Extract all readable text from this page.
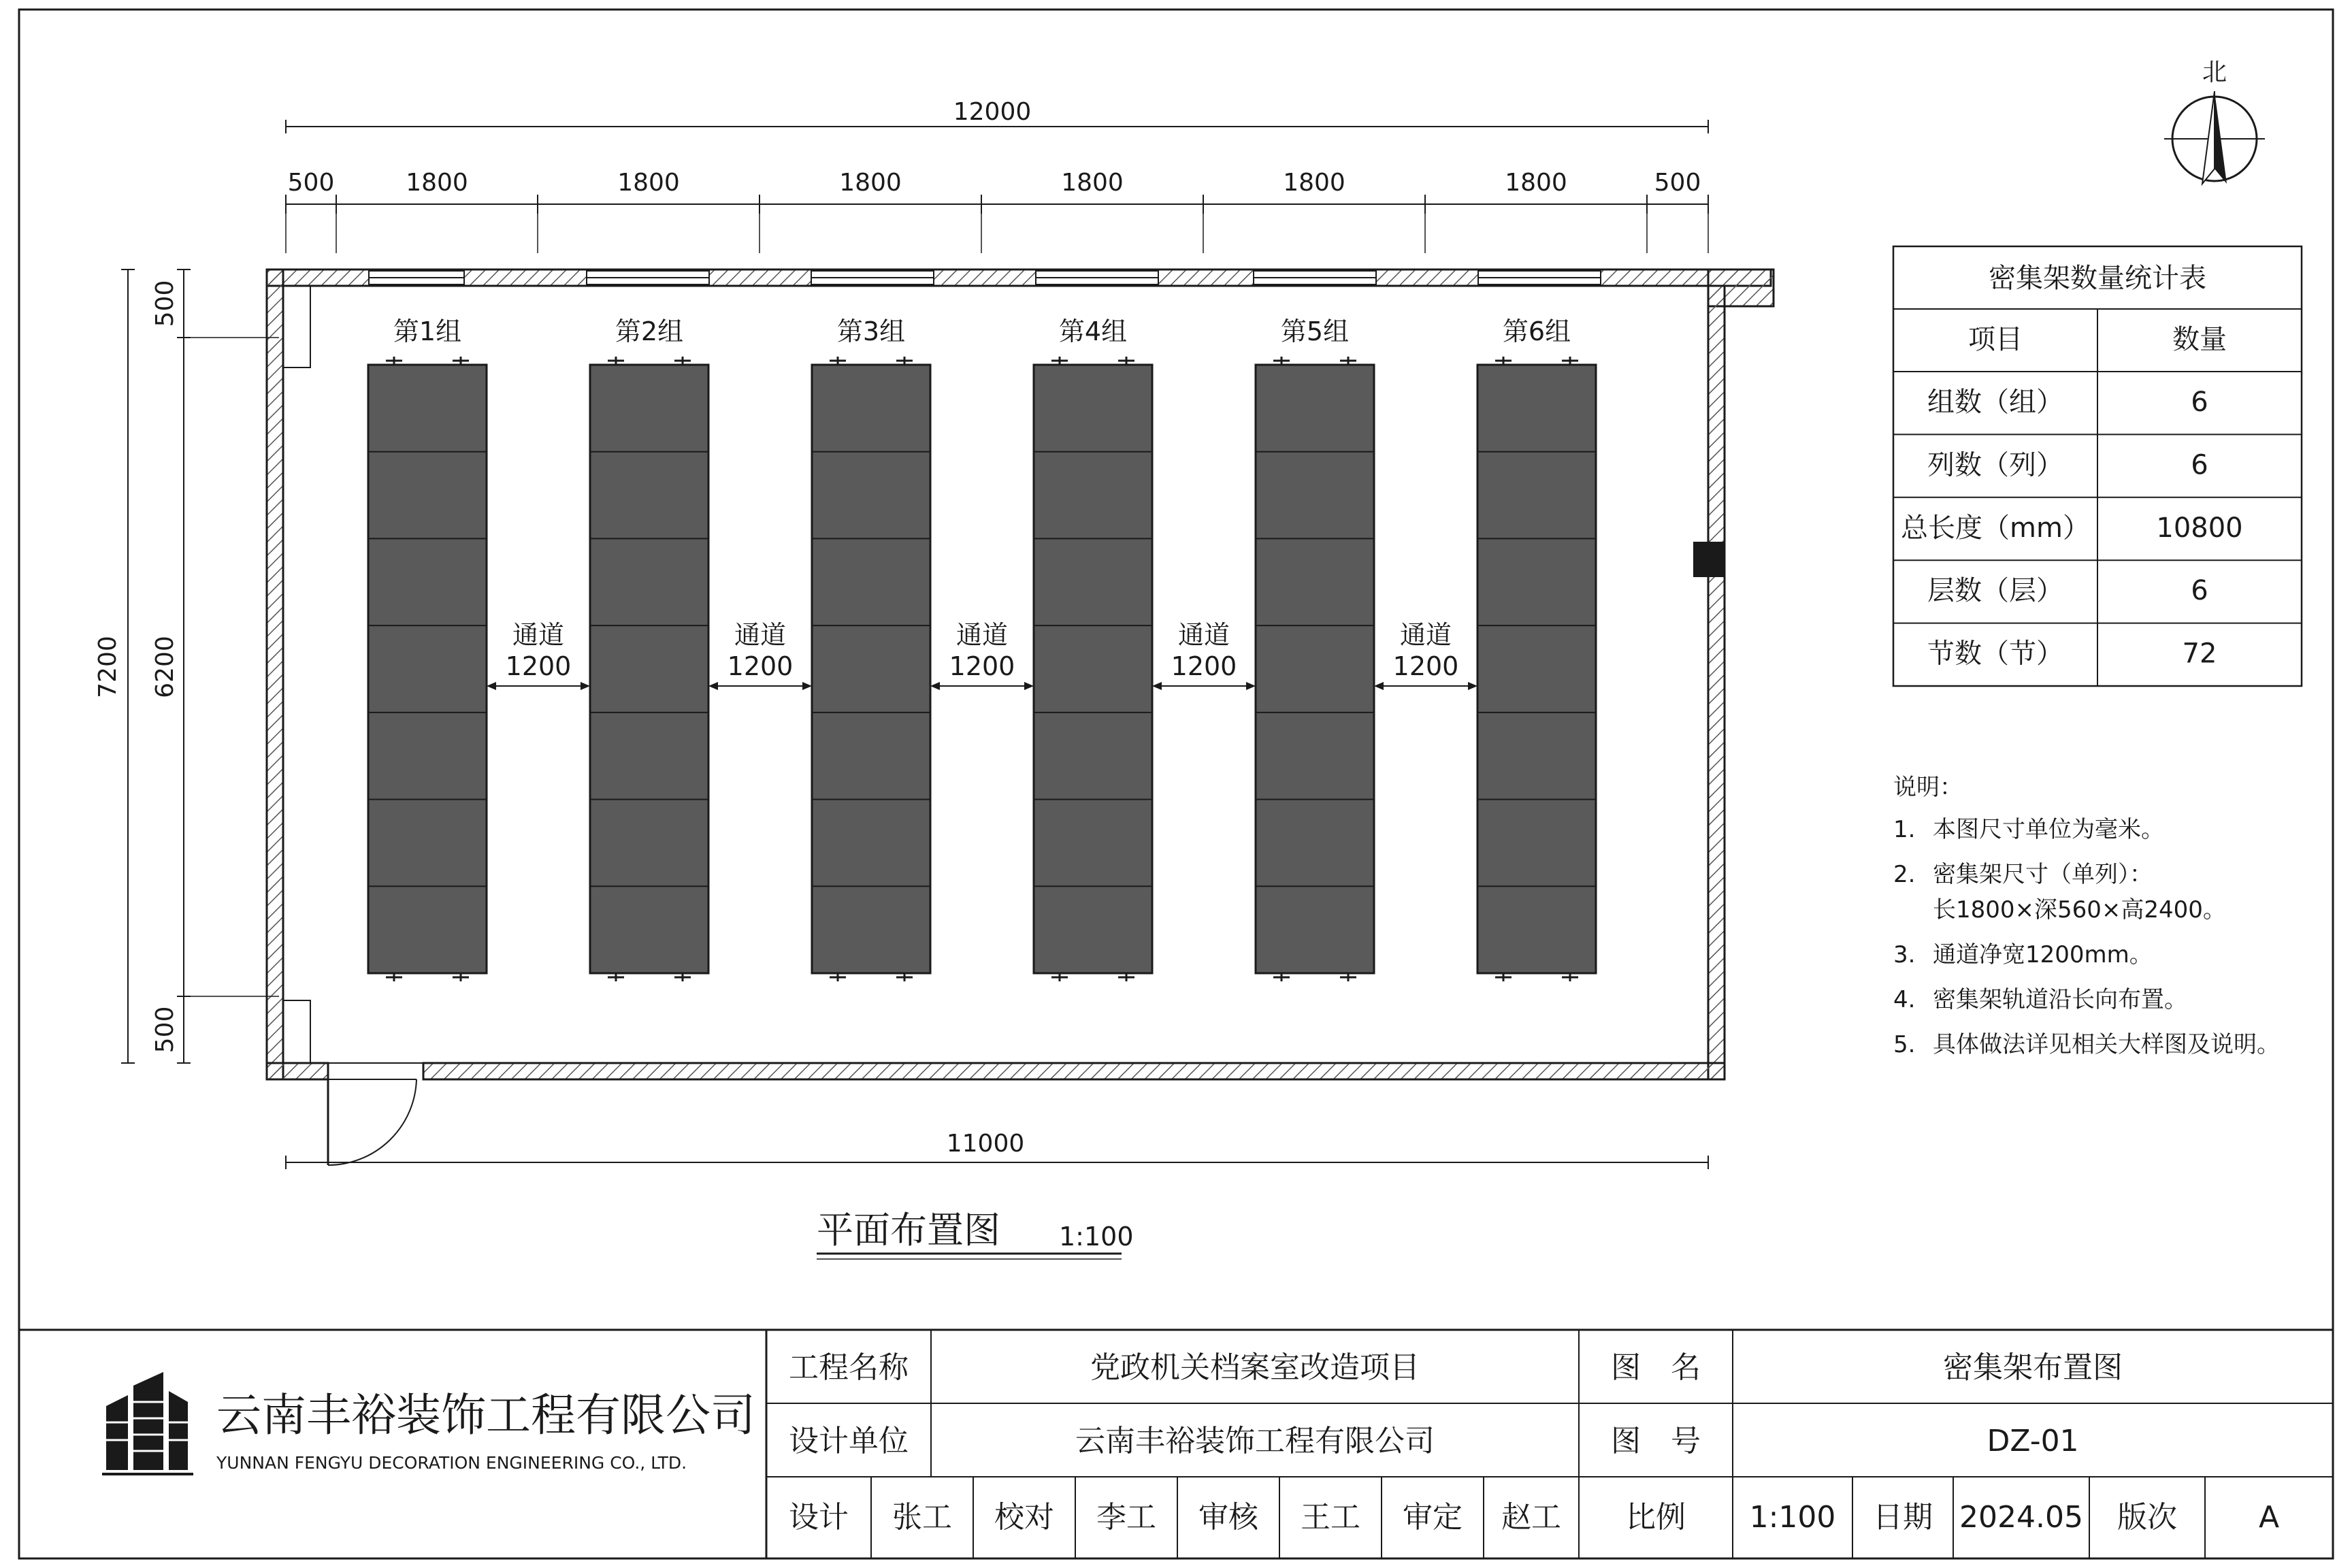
第1组	第2组	第3组	第4组	第5组	第6组
通道
1200
通道
1200
通道
1200
通道
1200
通道
1200
12000
500	1800	1800	1800	1800	1800	1800	500
7200
500
6200
500
11000
平面布置图 1:100
北
密集架数量统计表
项目	数量
组数（组）	6
列数（列）	6
总长度（mm） 10800
层数（层）	6
节数（节）	72
说明：
1. 本图尺寸单位为毫米。
2. 密集架尺寸（单列）：
长1800×深560×高2400。
3. 通道净宽1200mm。
4. 密集架轨道沿长向布置。
5. 具体做法详见相关大样图及说明。
云南丰裕装饰工程有限公司
YUNNAN FENGYU DECORATION ENGINEERING CO., LTD.
工程名称	党政机关档案室改造项目	图　名	密集架布置图
设计单位	云南丰裕装饰工程有限公司	图　号	DZ-01
设计 张工 校对 李工 审核 王工 审定 赵工 比例 1:100 日期 2024.05 版次	A
